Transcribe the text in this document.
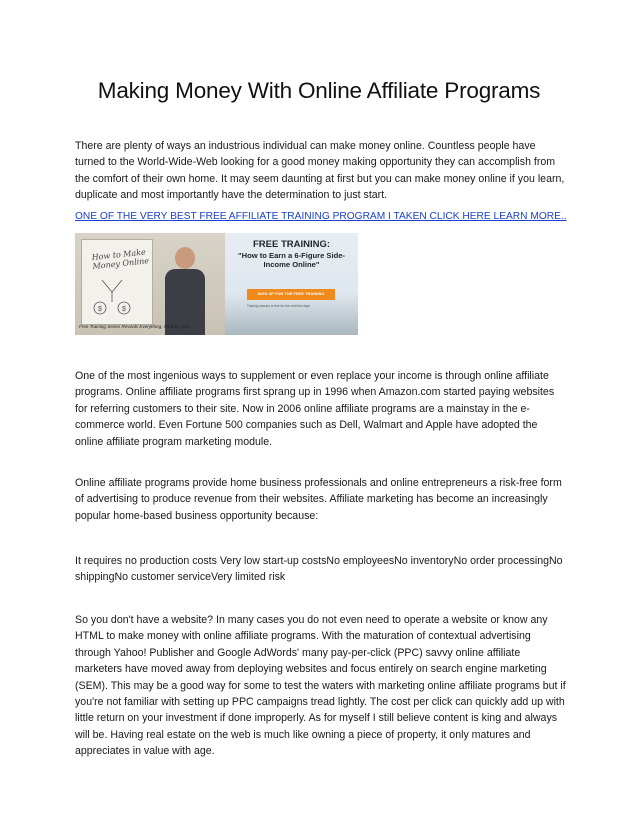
Making Money With Online Affiliate Programs

There are plenty of ways an industrious individual can make money online. Countless people have turned to the World-Wide-Web looking for a good money making opportunity they can accomplish from the comfort of their own home. It may seem daunting at first but you can make money online if you learn, duplicate and most importantly have the determination to just start.

ONE OF THE VERY BEST FREE AFFILIATE TRAINING PROGRAM I TAKEN CLICK HERE LEARN MORE..
How to Make Money Online
$	$
FREE TRAINING:
"How to Earn a 6-Figure Side-Income Online"
SIGN UP FOR THE FREE TRAINING
Training session is free for the next few days
Free Training Series Reveals Everything, Step-by-Step

One of the most ingenious ways to supplement or even replace your income is through online affiliate programs. Online affiliate programs first sprang up in 1996 when Amazon.com started paying websites for referring customers to their site. Now in 2006 online affiliate programs are a mainstay in the e-commerce world. Even Fortune 500 companies such as Dell, Walmart and Apple have adopted the online affiliate program marketing module.

Online affiliate programs provide home business professionals and online entrepreneurs a risk-free form of advertising to produce revenue from their websites. Affiliate marketing has become an increasingly popular home-based business opportunity because:

It requires no production costs Very low start-up costsNo employeesNo inventoryNo order processingNo shippingNo customer serviceVery limited risk

So you don't have a website? In many cases you do not even need to operate a website or know any HTML to make money with online affiliate programs. With the maturation of contextual advertising through Yahoo! Publisher and Google AdWords' many pay-per-click (PPC) savvy online affiliate marketers have moved away from deploying websites and focus entirely on search engine marketing (SEM). This may be a good way for some to test the waters with marketing online affiliate programs but if you're not familiar with setting up PPC campaigns tread lightly. The cost per click can quickly add up with little return on your investment if done improperly. As for myself I still believe content is king and always will be. Having real estate on the web is much like owning a piece of property, it only matures and appreciates in value with age.
